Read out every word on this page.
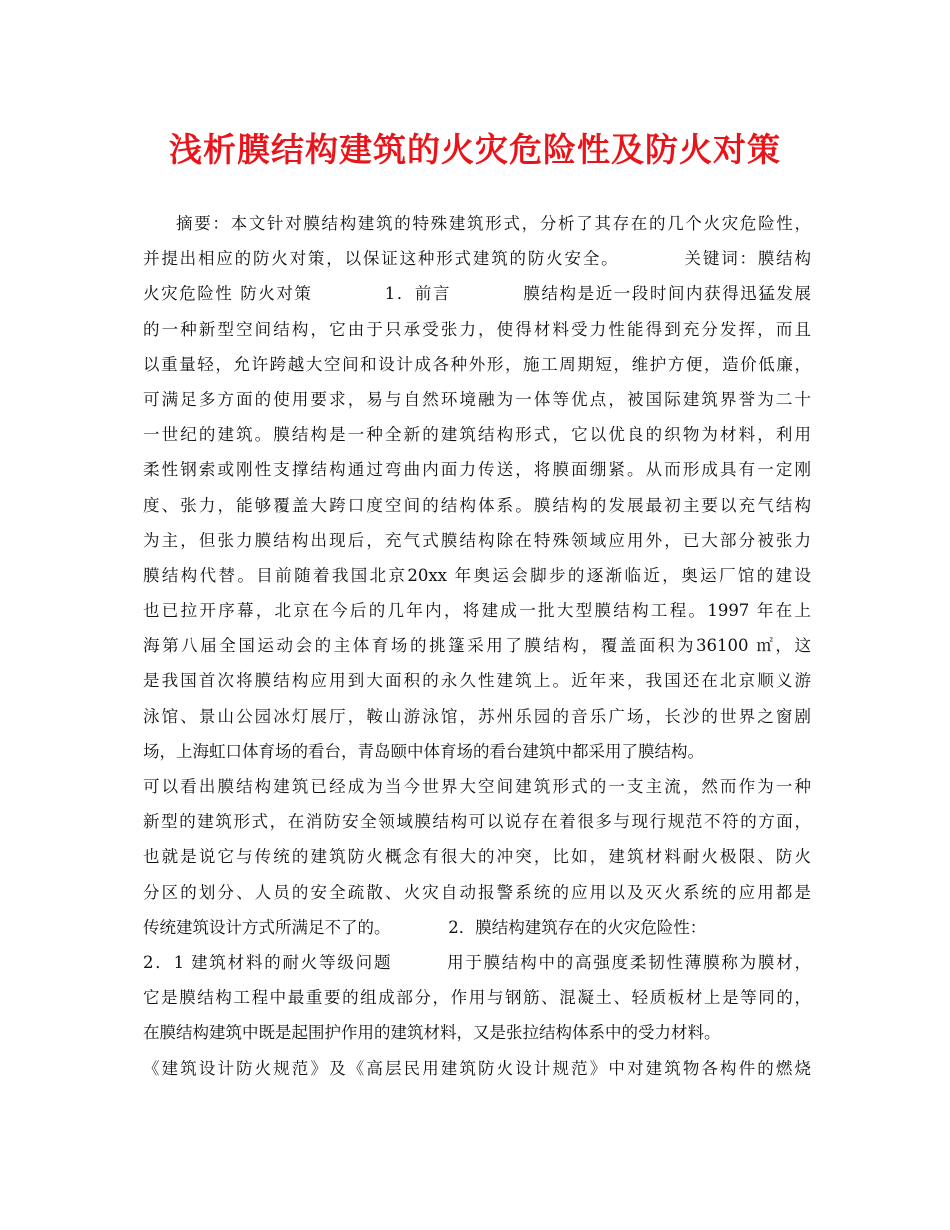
浅析膜结构建筑的火灾危险性及防火对策
摘要：本文针对膜结构建筑的特殊建筑形式，分析了其存在的几个火灾危险性，
并提出相应的防火对策，以保证这种形式建筑的防火安全。　　　　关键词：膜结构
火灾危险性 防火对策　　　　1．前言　　　　膜结构是近一段时间内获得迅猛发展
的一种新型空间结构，它由于只承受张力，使得材料受力性能得到充分发挥，而且
以重量轻，允许跨越大空间和设计成各种外形，施工周期短，维护方便，造价低廉，
可满足多方面的使用要求，易与自然环境融为一体等优点，被国际建筑界誉为二十
一世纪的建筑。膜结构是一种全新的建筑结构形式，它以优良的织物为材料，利用
柔性钢索或刚性支撑结构通过弯曲内面力传送，将膜面绷紧。从而形成具有一定刚
度、张力，能够覆盖大跨口度空间的结构体系。膜结构的发展最初主要以充气结构
为主，但张力膜结构出现后，充气式膜结构除在特殊领域应用外，已大部分被张力
膜结构代替。目前随着我国北京20xx 年奥运会脚步的逐渐临近，奥运厂馆的建设
也已拉开序幕，北京在今后的几年内，将建成一批大型膜结构工程。1997 年在上
海第八届全国运动会的主体育场的挑篷采用了膜结构，覆盖面积为36100 ㎡，这
是我国首次将膜结构应用到大面积的永久性建筑上。近年来，我国还在北京顺义游
泳馆、景山公园冰灯展厅，鞍山游泳馆，苏州乐园的音乐广场，长沙的世界之窗剧
场，上海虹口体育场的看台，青岛颐中体育场的看台建筑中都采用了膜结构。
可以看出膜结构建筑已经成为当今世界大空间建筑形式的一支主流，然而作为一种
新型的建筑形式，在消防安全领域膜结构可以说存在着很多与现行规范不符的方面，
也就是说它与传统的建筑防火概念有很大的冲突，比如，建筑材料耐火极限、防火
分区的划分、人员的安全疏散、火灾自动报警系统的应用以及灭火系统的应用都是
传统建筑设计方式所满足不了的。　　　　2．膜结构建筑存在的火灾危险性：
2．1 建筑材料的耐火等级问题　　　用于膜结构中的高强度柔韧性薄膜称为膜材，
它是膜结构工程中最重要的组成部分，作用与钢筋、混凝土、轻质板材上是等同的，
在膜结构建筑中既是起围护作用的建筑材料，又是张拉结构体系中的受力材料。
《建筑设计防火规范》及《高层民用建筑防火设计规范》中对建筑物各构件的燃烧
